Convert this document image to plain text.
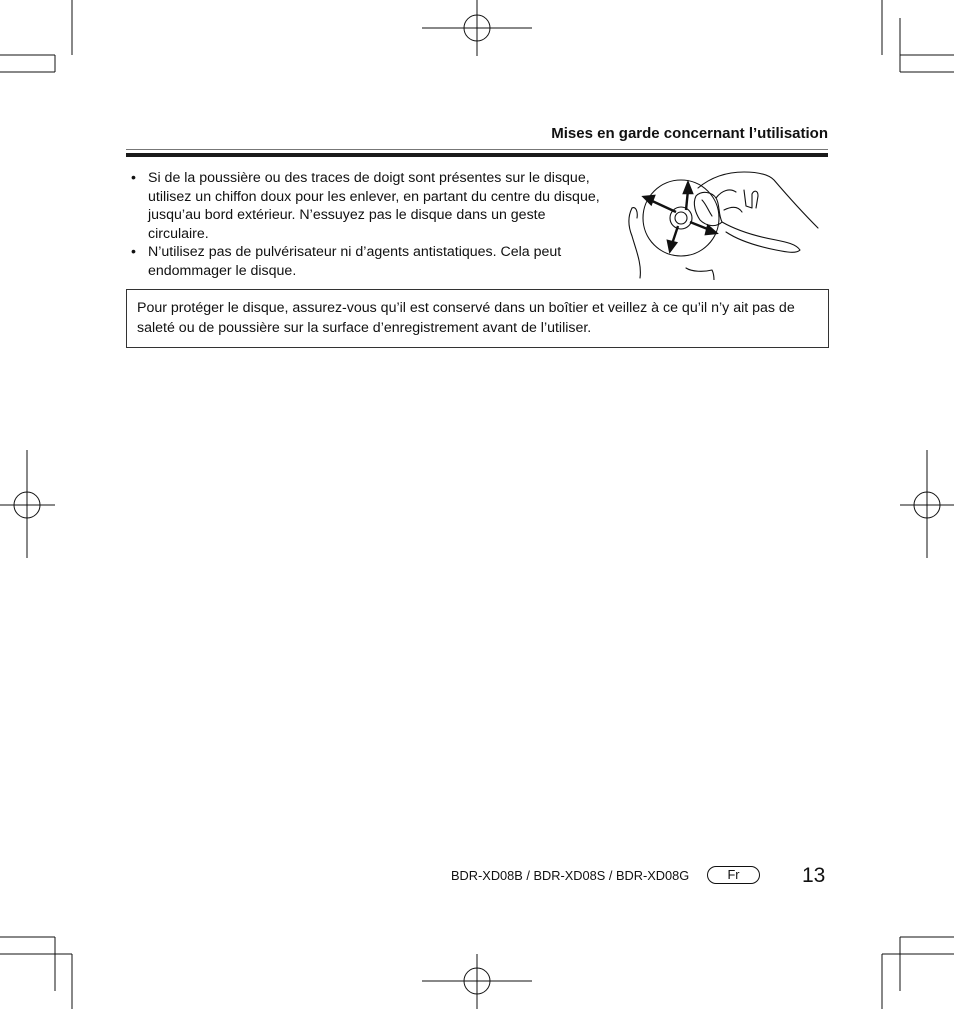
Mises en garde concernant l’utilisation
• Si de la poussière ou des traces de doigt sont présentes sur le disque, utilisez un chiffon doux pour les enlever, en partant du centre du disque, jusqu’au bord extérieur. N’essuyez pas le disque dans un geste circulaire.
• N’utilisez pas de pulvérisateur ni d’agents antistatiques. Cela peut endommager le disque.
Pour protéger le disque, assurez-vous qu’il est conservé dans un boîtier et veillez à ce qu’il n’y ait pas de saleté ou de poussière sur la surface d’enregistrement avant de l’utiliser.
BDR-XD08B / BDR-XD08S / BDR-XD08G	Fr	13
